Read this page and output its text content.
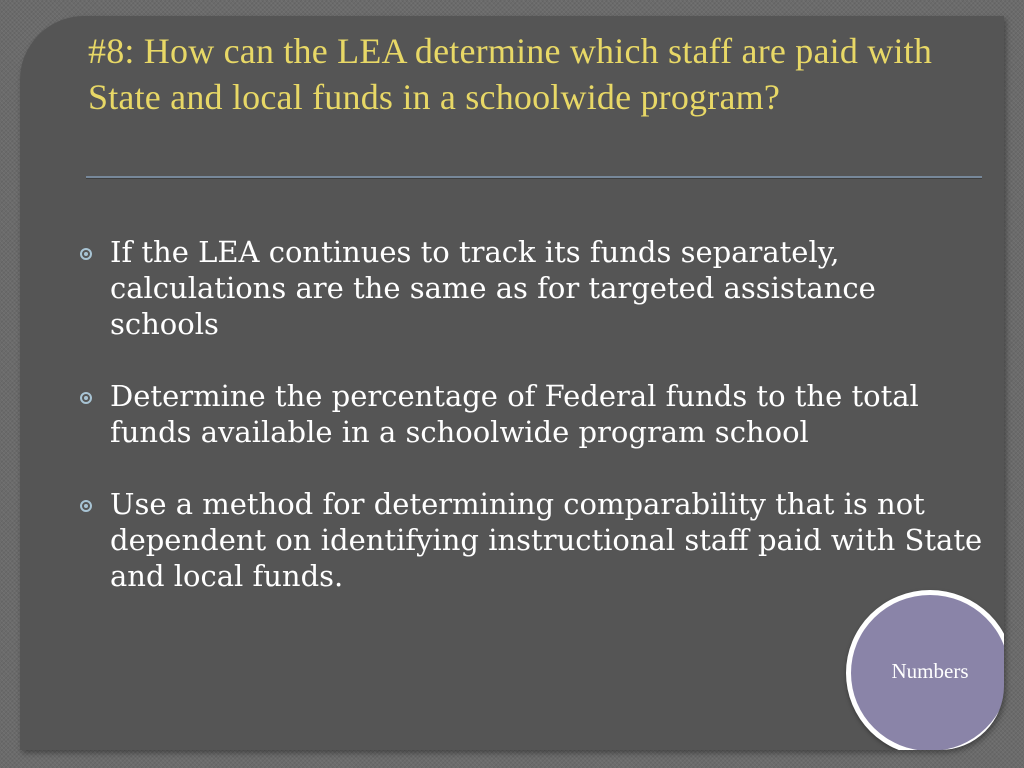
#8: How can the LEA determine which staff are paid with State and local funds in a schoolwide program?
If the LEA continues to track its funds separately, calculations are the same as for targeted assistance schools
Determine the percentage of Federal funds to the total funds available in a schoolwide program school
Use a method for determining comparability that is not dependent on identifying instructional staff paid with State and local funds.
Numbers
